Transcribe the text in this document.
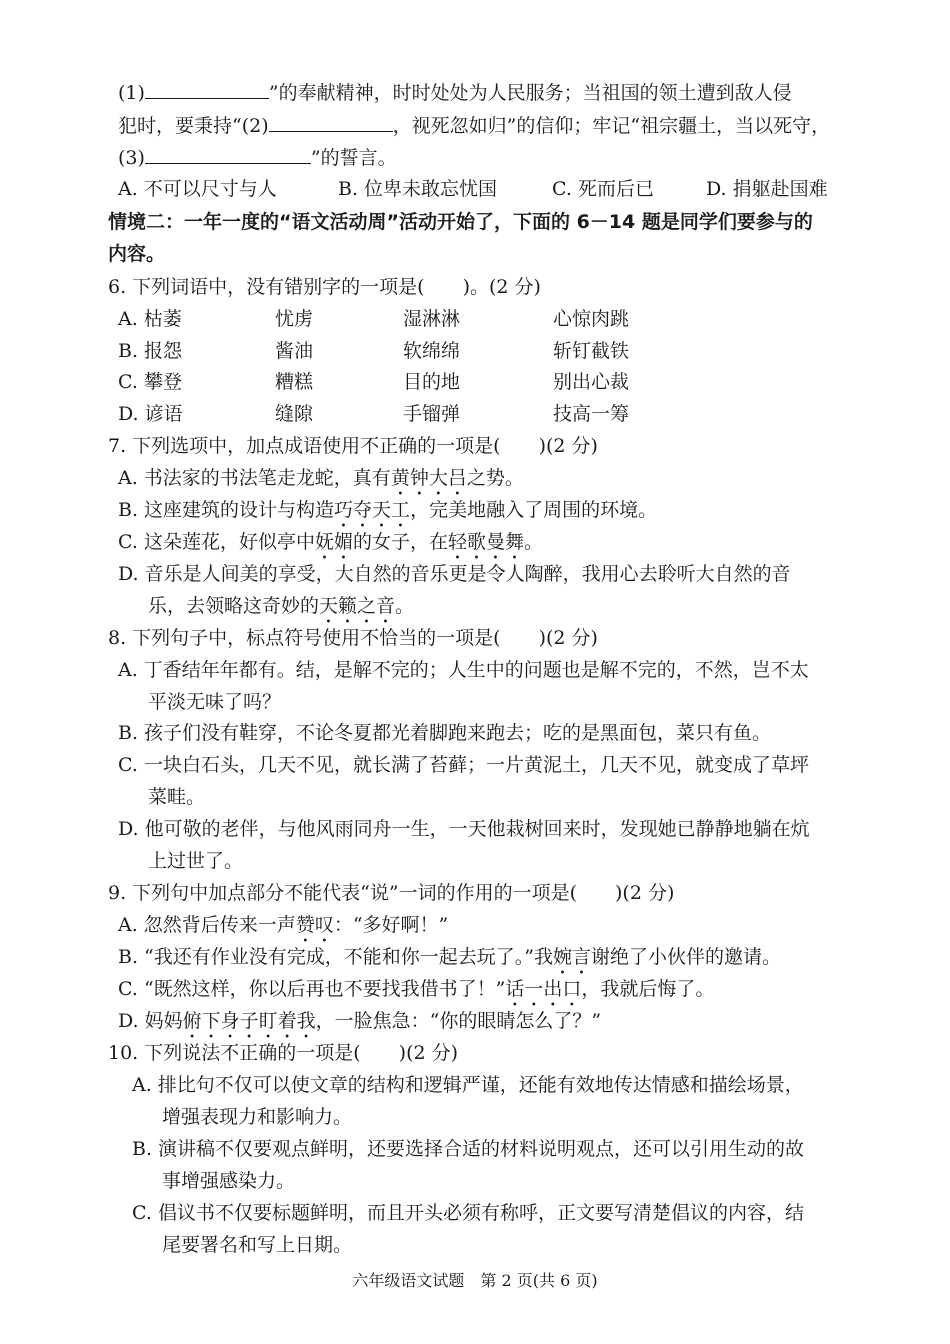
(1)	”的奉献精神，时时处处为人民服务；当祖国的领土遭到敌人侵
犯时，要秉持“(2)	，视死忽如归”的信仰；牢记“祖宗疆土，当以死守，
(3)	”的誓言。
A. 不可以尺寸与人	B. 位卑未敢忘忧国	C. 死而后已	D. 捐躯赴国难
情境二：一年一度的“语文活动周”活动开始了，下面的 6－14 题是同学们要参与的
内容。
6. 下列词语中，没有错别字的一项是(　　)。(2 分)
A. 枯萎	忧虏	湿淋淋	心惊肉跳
B. 报怨	酱油	软绵绵	斩钉截铁
C. 攀登	糟糕	目的地	别出心裁
D. 谚语	缝隙	手镏弹	技高一筹
7. 下列选项中，加点成语使用不正确的一项是(　　)(2 分)
A. 书法家的书法笔走龙蛇，真有黄钟大吕之势。
B. 这座建筑的设计与构造巧夺天工，完美地融入了周围的环境。
C. 这朵莲花，好似亭中妩媚的女子，在轻歌曼舞。
D. 音乐是人间美的享受，大自然的音乐更是令人陶醉，我用心去聆听大自然的音
乐，去领略这奇妙的天籁之音。
8. 下列句子中，标点符号使用不恰当的一项是(　　)(2 分)
A. 丁香结年年都有。结，是解不完的；人生中的问题也是解不完的，不然，岂不太
平淡无味了吗？
B. 孩子们没有鞋穿，不论冬夏都光着脚跑来跑去；吃的是黑面包，菜只有鱼。
C. 一块白石头，几天不见，就长满了苔藓；一片黄泥土，几天不见，就变成了草坪
菜畦。
D. 他可敬的老伴，与他风雨同舟一生，一天他栽树回来时，发现她已静静地躺在炕
上过世了。
9. 下列句中加点部分不能代表“说”一词的作用的一项是(　　)(2 分)
A. 忽然背后传来一声赞叹：“多好啊！”
B. “我还有作业没有完成，不能和你一起去玩了。”我婉言谢绝了小伙伴的邀请。
C. “既然这样，你以后再也不要找我借书了！”话一出口，我就后悔了。
D. 妈妈俯下身子盯着我，一脸焦急：“你的眼睛怎么了？”
10. 下列说法不正确的一项是(　　)(2 分)
A. 排比句不仅可以使文章的结构和逻辑严谨，还能有效地传达情感和描绘场景，
增强表现力和影响力。
B. 演讲稿不仅要观点鲜明，还要选择合适的材料说明观点，还可以引用生动的故
事增强感染力。
C. 倡议书不仅要标题鲜明，而且开头必须有称呼，正文要写清楚倡议的内容，结
尾要署名和写上日期。
六年级语文试题　第 2 页(共 6 页)
